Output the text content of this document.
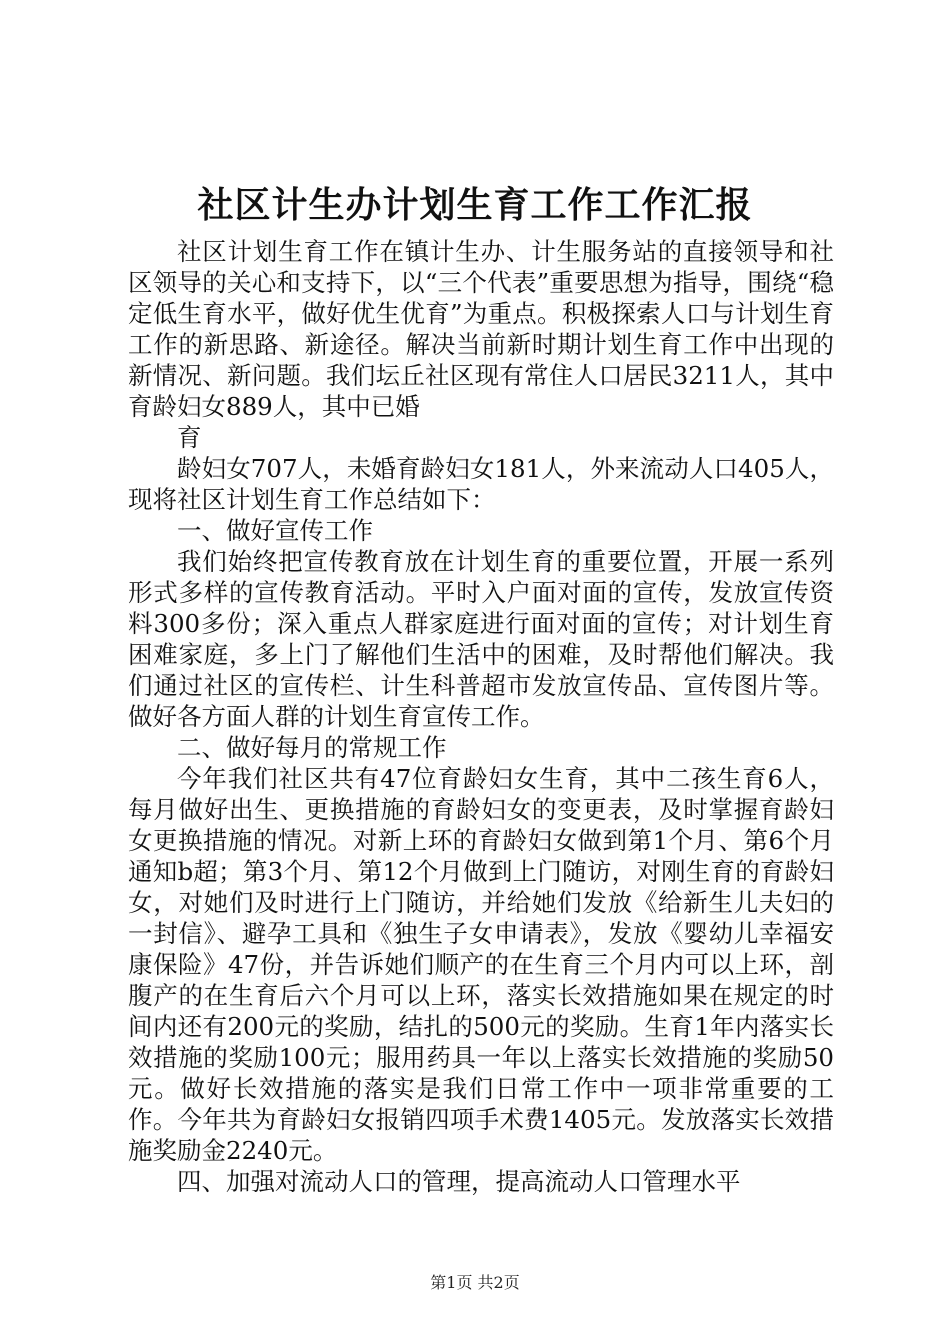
社区计生办计划生育工作工作汇报

社区计划生育工作在镇计生办、计生服务站的直接领导和社区领导的关心和支持下，以“三个代表”重要思想为指导，围绕“稳定低生育水平，做好优生优育”为重点。积极探索人口与计划生育工作的新思路、新途径。解决当前新时期计划生育工作中出现的新情况、新问题。我们坛丘社区现有常住人口居民3211人，其中育龄妇女889人，其中已婚

育

龄妇女707人，未婚育龄妇女181人，外来流动人口405人，现将社区计划生育工作总结如下：

一、做好宣传工作

我们始终把宣传教育放在计划生育的重要位置，开展一系列形式多样的宣传教育活动。平时入户面对面的宣传，发放宣传资料300多份；深入重点人群家庭进行面对面的宣传；对计划生育困难家庭，多上门了解他们生活中的困难，及时帮他们解决。我们通过社区的宣传栏、计生科普超市发放宣传品、宣传图片等。做好各方面人群的计划生育宣传工作。

二、做好每月的常规工作

今年我们社区共有47位育龄妇女生育，其中二孩生育6人，每月做好出生、更换措施的育龄妇女的变更表，及时掌握育龄妇女更换措施的情况。对新上环的育龄妇女做到第1个月、第6个月通知b超；第3个月、第12个月做到上门随访，对刚生育的育龄妇女，对她们及时进行上门随访，并给她们发放《给新生儿夫妇的一封信》、避孕工具和《独生子女申请表》，发放《婴幼儿幸福安康保险》47份，并告诉她们顺产的在生育三个月内可以上环，剖腹产的在生育后六个月可以上环，落实长效措施如果在规定的时间内还有200元的奖励，结扎的500元的奖励。生育1年内落实长效措施的奖励100元；服用药具一年以上落实长效措施的奖励50元。做好长效措施的落实是我们日常工作中一项非常重要的工作。今年共为育龄妇女报销四项手术费1405元。发放落实长效措施奖励金2240元。

四、加强对流动人口的管理，提高流动人口管理水平

第1页 共2页
